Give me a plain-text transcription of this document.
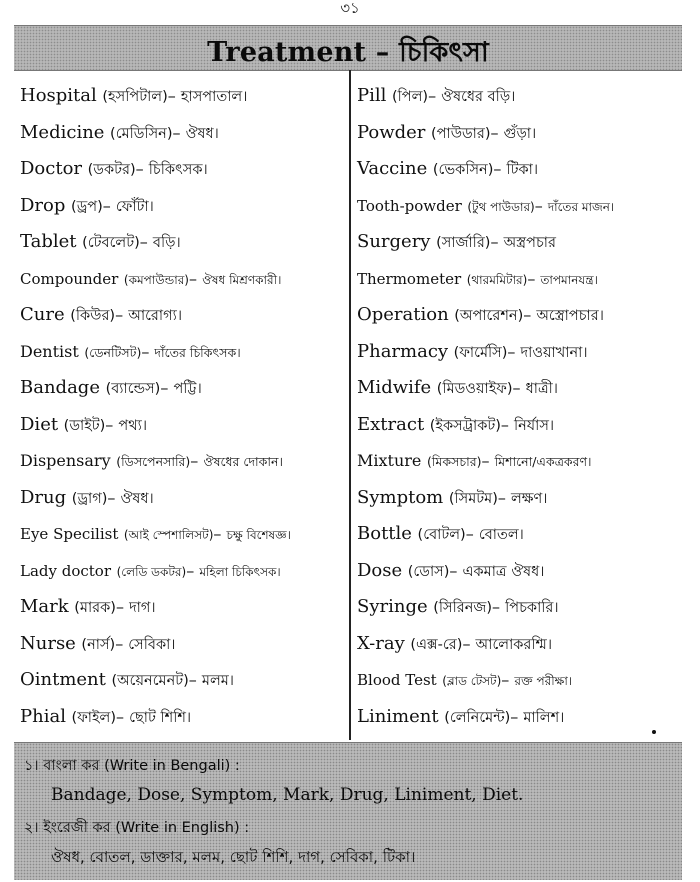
৩১
Treatment – চিকিৎসা
Hospital (হসপিটাল)– হাসপাতাল।
Medicine (মেডিসিন)– ঔষধ।
Doctor (ডকটর)– চিকিৎসক।
Drop (ড্রপ)– ফোঁটা।
Tablet (টেবলেট)– বড়ি।
Compounder (কমপাউন্ডার)– ঔষধ মিশ্রণকারী।
Cure (কিউর)– আরোগ্য।
Dentist (ডেনটিসট)– দাঁতের চিকিৎসক।
Bandage (ব্যান্ডেস)– পট্টি।
Diet (ডাইট)– পথ্য।
Dispensary (ডিসপেনসারি)– ঔষধের দোকান।
Drug (ড্রাগ)– ঔষধ।
Eye Specilist (আই স্পেশালিসট)– চক্ষু বিশেষজ্ঞ।
Lady doctor (লেডি ডকটর)– মহিলা চিকিৎসক।
Mark (মারক)– দাগ।
Nurse (নার্স)– সেবিকা।
Ointment (অয়েনমেনট)– মলম।
Phial (ফাইল)– ছোট শিশি।
Pill (পিল)– ঔষধের বড়ি।
Powder (পাউডার)– গুঁড়া।
Vaccine (ভেকসিন)– টিকা।
Tooth-powder (টুথ পাউডার)– দাঁতের মাজন।
Surgery (সার্জারি)– অস্ত্রপচার
Thermometer (থারমমিটার)– তাপমানযন্ত্র।
Operation (অপারেশন)– অস্ত্রোপচার।
Pharmacy (ফার্মেসি)– দাওয়াখানা।
Midwife (মিডওয়াইফ)– ধাত্রী।
Extract (ইকসট্রাকট)– নির্যাস।
Mixture (মিকসচার)– মিশানো/একত্রকরণ।
Symptom (সিমটম)– লক্ষণ।
Bottle (বোটল)– বোতল।
Dose (ডোস)– একমাত্র ঔষধ।
Syringe (সিরিনজ)– পিচকারি।
X-ray (এক্স-রে)– আলোকরশ্মি।
Blood Test (ব্লাড টেসট)– রক্ত পরীক্ষা।
Liniment (লেনিমেন্ট)– মালিশ।
১। বাংলা কর (Write in Bengali) :
Bandage, Dose, Symptom, Mark, Drug, Liniment, Diet.
২। ইংরেজী কর (Write in English) :
ঔষধ, বোতল, ডাক্তার, মলম, ছোট শিশি, দাগ, সেবিকা, টিকা।
